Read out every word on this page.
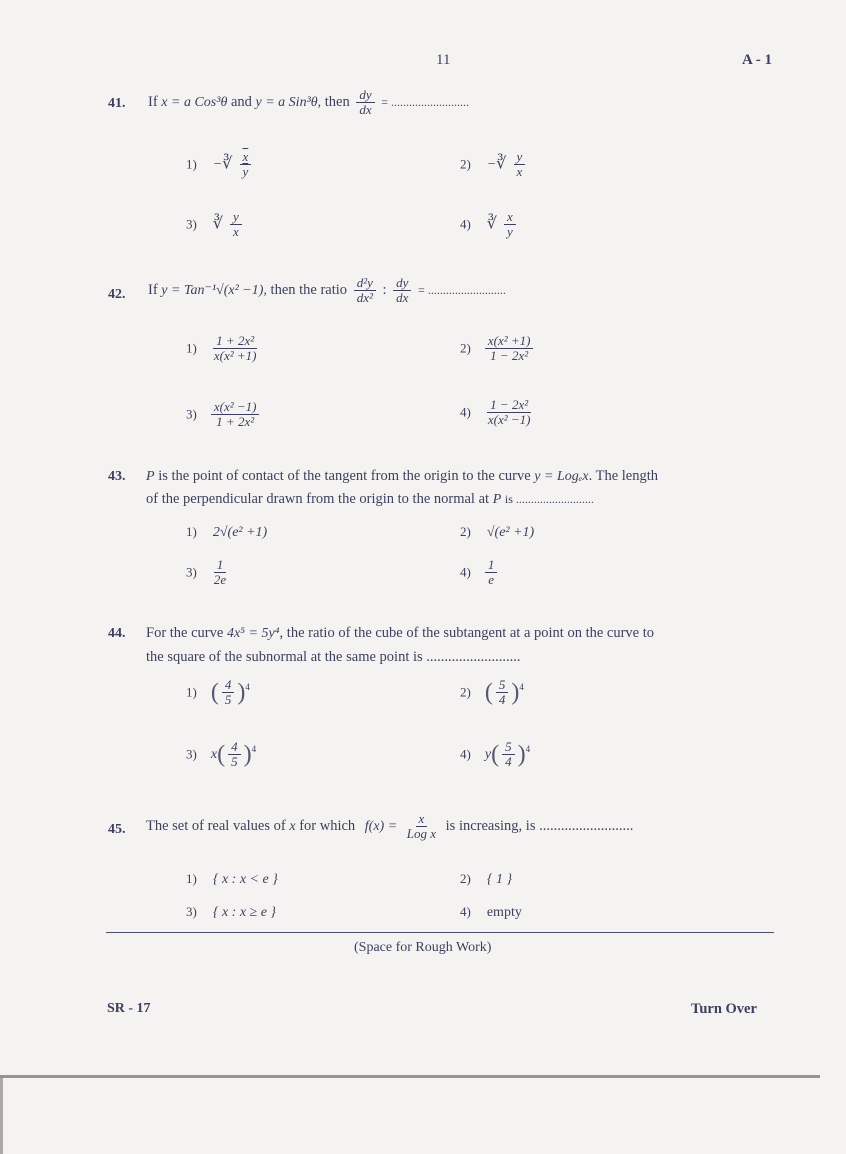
11	A - 1
41. If x = a Cos³θ and y = a Sin³θ, then $\frac{dy}{dx}$ = ..........................
1) −∛ $\frac{x}{y}$	2) −∛ $\frac{y}{x}$
3) ∛ $\frac{y}{x}$	4) ∛ $\frac{x}{y}$
42. If y = Tan⁻¹√(x² −1), then the ratio $\frac{\text{d²y}}{\text{dx²}}$ : $\frac{dy}{dx}$ = ..........................
$1) \frac{\text{1 + 2x²}}{\text{x(x² +1)}}$	$2) \frac{\text{x(x² +1)}}{\text{1 − 2x²}}$
$3) \frac{\text{x(x² −1)}}{\text{1 + 2x²}}$	$4) \frac{\text{1 − 2x²}}{\text{x(x² −1)}}$
43. P is the point of contact of the tangent from the origin to the curve y = Logₑx. The length
of the perpendicular drawn from the origin to the normal at P is ..........................
1) 2√(e² +1)	2) √(e² +1)
$3) \frac{1}{2e}$	$4) \frac{1}{e}$
44. For the curve 4x⁵ = 5y⁴, the ratio of the cube of the subtangent at a point on the curve to
the square of the subnormal at the same point is ..........................
1) ( $\frac{4}{5} )^4$	2) ( $\frac{5}{4} )^4$
3) $x( \frac{4}{5} )^4$	4) $y( \frac{5}{4} )^4$
45. The set of real values of x for which $f(x) = \frac{x}{\text{Log x}}$ is increasing, is ..........................
1) { x : x < e }	2) { 1 }
3) { x : x ≥ e }	4) empty
(Space for Rough Work)
SR - 17	Turn Over
